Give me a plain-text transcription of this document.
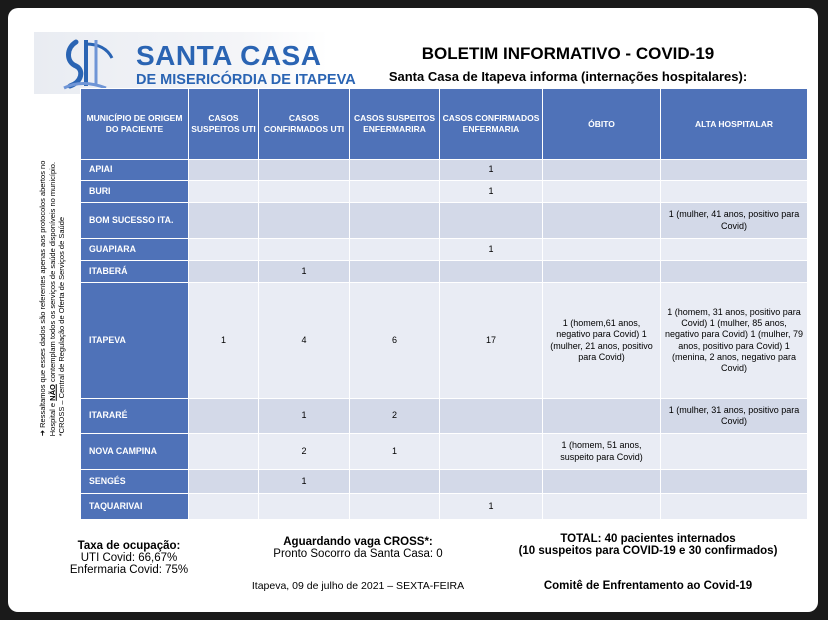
SANTA CASA
DE MISERICÓRDIA DE ITAPEVA
BOLETIM INFORMATIVO - COVID-19
Santa Casa de Itapeva informa (internações hospitalares):
➜ Ressaltamos que esses dados são referentes apenas aos protocolos abertos no Hospital e NÃO contemplam todos os serviços de saúde disponíveis no município. *CROSS – Central de Regulação de Oferta de Serviços de Saúde
MUNICÍPIO DE ORIGEM DO PACIENTE	CASOS SUSPEITOS UTI	CASOS CONFIRMADOS UTI	CASOS SUSPEITOS ENFERMARIRA	CASOS CONFIRMADOS ENFERMARIA	ÓBITO	ALTA HOSPITALAR
APIAI				1		
BURI				1		
BOM SUCESSO ITA.						1 (mulher, 41 anos, positivo para Covid)
GUAPIARA				1		
ITABERÁ		1				
ITAPEVA	1	4	6	17	1 (homem,61 anos, negativo para Covid) 1 (mulher, 21 anos, positivo para Covid)	1 (homem, 31 anos, positivo para Covid) 1 (mulher, 85 anos, negativo para Covid) 1 (mulher, 79 anos, positivo para Covid) 1 (menina, 2 anos, negativo para Covid)
ITARARÉ		1	2			1 (mulher, 31 anos, positivo para Covid)
NOVA CAMPINA		2	1		1 (homem, 51 anos, suspeito para Covid)	
SENGÉS		1				
TAQUARIVAI				1		
Taxa de ocupação:
UTI Covid: 66,67%
Enfermaria Covid: 75%
Aguardando vaga CROSS*:
Pronto Socorro da Santa Casa: 0
Itapeva, 09 de julho de 2021 – SEXTA-FEIRA
TOTAL: 40 pacientes internados
(10 suspeitos para COVID-19 e 30 confirmados)
Comitê de Enfrentamento ao Covid-19
